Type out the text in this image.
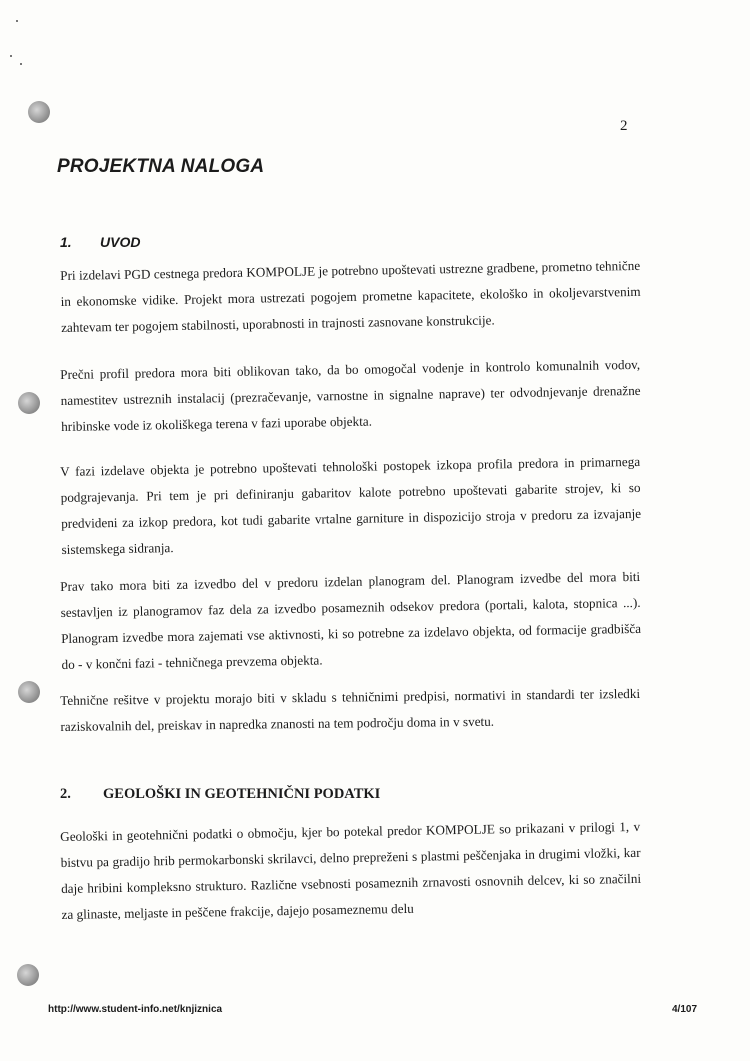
2
PROJEKTNA NALOGA
1. UVOD

Pri izdelavi PGD cestnega predora KOMPOLJE je potrebno upoštevati ustrezne gradbene, prometno tehnične in ekonomske vidike. Projekt mora ustrezati pogojem prometne kapacitete, ekološko in okoljevarstvenim zahtevam ter pogojem stabilnosti, uporabnosti in trajnosti zasnovane konstrukcije.

Prečni profil predora mora biti oblikovan tako, da bo omogočal vodenje in kontrolo komunalnih vodov, namestitev ustreznih instalacij (prezračevanje, varnostne in signalne naprave) ter odvodnjevanje drenažne hribinske vode iz okoliškega terena v fazi uporabe objekta.

V fazi izdelave objekta je potrebno upoštevati tehnološki postopek izkopa profila predora in primarnega podgrajevanja. Pri tem je pri definiranju gabaritov kalote potrebno upoštevati gabarite strojev, ki so predvideni za izkop predora, kot tudi gabarite vrtalne garniture in dispozicijo stroja v predoru za izvajanje sistemskega sidranja.

Prav tako mora biti za izvedbo del v predoru izdelan planogram del. Planogram izvedbe del mora biti sestavljen iz planogramov faz dela za izvedbo posameznih odsekov predora (portali, kalota, stopnica ...). Planogram izvedbe mora zajemati vse aktivnosti, ki so potrebne za izdelavo objekta, od formacije gradbišča do - v končni fazi - tehničnega prevzema objekta.

Tehnične rešitve v projektu morajo biti v skladu s tehničnimi predpisi, normativi in standardi ter izsledki raziskovalnih del, preiskav in napredka znanosti na tem področju doma in v svetu.

2. GEOLOŠKI IN GEOTEHNIČNI PODATKI

Geološki in geotehnični podatki o območju, kjer bo potekal predor KOMPOLJE so prikazani v prilogi 1, v bistvu pa gradijo hrib permokarbonski skrilavci, delno prepreženi s plastmi peščenjaka in drugimi vložki, kar daje hribini kompleksno strukturo. Različne vsebnosti posameznih zrnavosti osnovnih delcev, ki so značilni za glinaste, meljaste in peščene frakcije, dajejo posameznemu delu

http://www.student-info.net/knjiznica	4/107
